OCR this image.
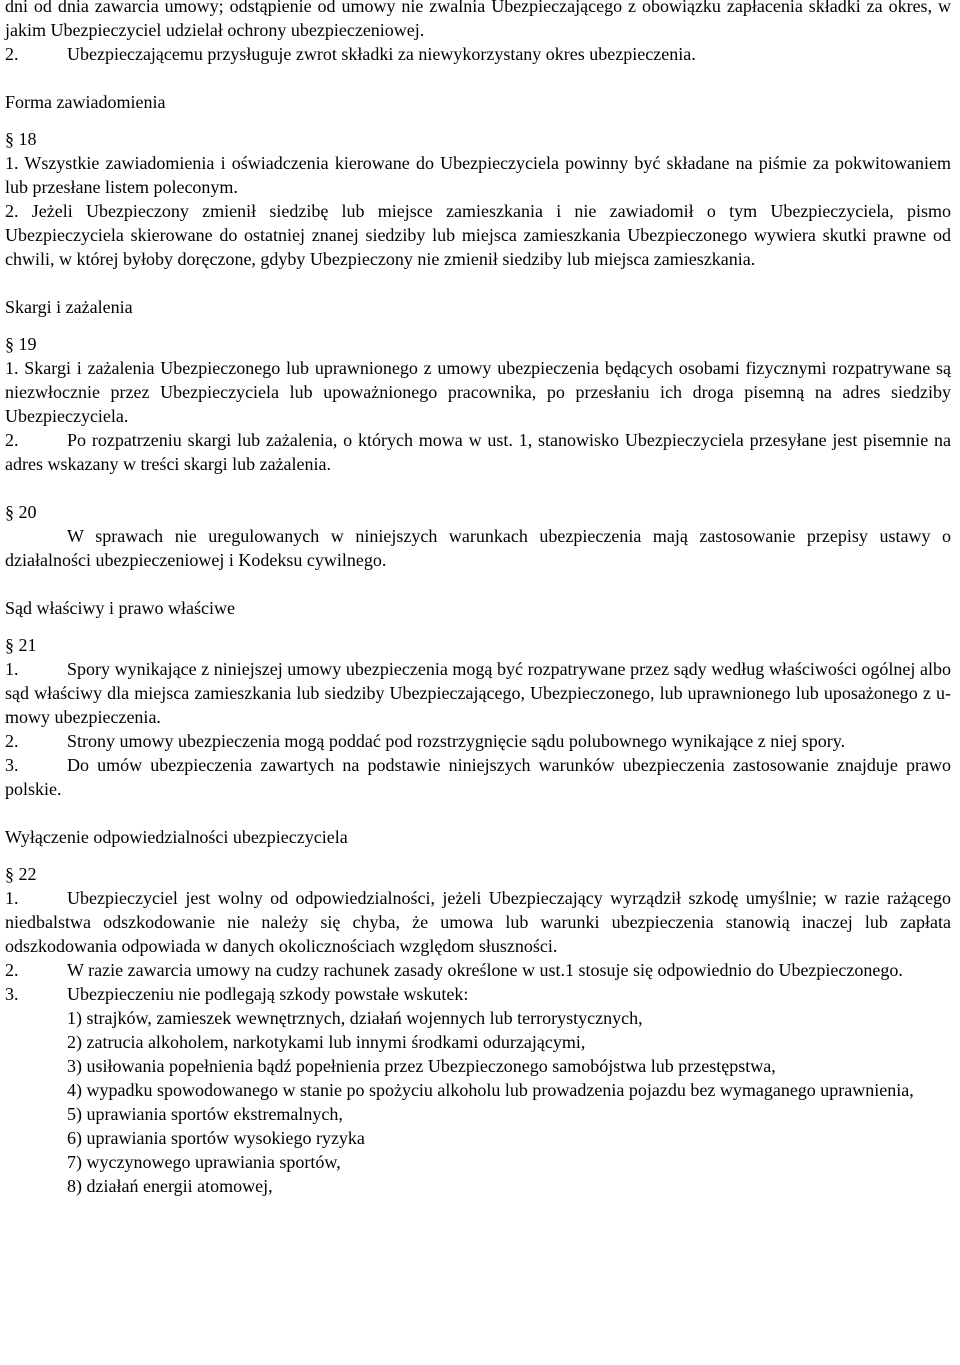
dni od dnia zawarcia umowy; odstąpienie od umowy nie zwalnia Ubezpieczającego z obowiązku zapłacenia składki za okres, w jakim Ubezpieczyciel udzielał ochrony ubezpieczeniowej.
2.	Ubezpieczającemu przysługuje zwrot składki za niewykorzystany okres ubezpieczenia.
Forma zawiadomienia
§ 18
1. Wszystkie zawiadomienia i oświadczenia kierowane do Ubezpieczyciela powinny być składane na piśmie za pokwitowaniem lub przesłane listem poleconym.
2. Jeżeli Ubezpieczony zmienił siedzibę lub miejsce zamieszkania i nie zawiadomił o tym Ubezpieczyciela, pismo Ubezpieczyciela skierowane do ostatniej znanej siedziby lub miejsca zamieszkania Ubezpieczonego wywiera skutki prawne od chwili, w której byłoby doręczone, gdyby Ubezpieczony nie zmienił siedziby lub miejsca zamieszkania.
Skargi i zażalenia
§ 19
1. Skargi i zażalenia Ubezpieczonego lub uprawnionego z umowy ubezpieczenia będących osobami fizycznymi rozpatrywane są niezwłocznie przez Ubezpieczyciela lub upoważnionego pracownika, po przesłaniu ich droga pisemną na adres siedziby Ubezpieczyciela.
2.	Po rozpatrzeniu skargi lub zażalenia, o których mowa w ust. 1, stanowisko Ubezpieczyciela przesyłane jest pisemnie na adres wskazany w treści skargi lub zażalenia.
§ 20
W sprawach nie uregulowanych w niniejszych warunkach ubezpieczenia mają zastosowanie przepisy ustawy o działalności ubezpieczeniowej i Kodeksu cywilnego.
Sąd właściwy i prawo właściwe
§ 21
1.	Spory wynikające z niniejszej umowy ubezpieczenia mogą być rozpatrywane przez sądy według właściwości ogólnej albo sąd właściwy dla miejsca zamieszkania lub siedziby Ubezpieczającego, Ubezpieczonego, lub uprawnionego lub uposażonego z u-mowy ubezpieczenia.
2.	Strony umowy ubezpieczenia mogą poddać pod rozstrzygnięcie sądu polubownego wynikające z niej spory.
3.	Do umów ubezpieczenia zawartych na podstawie niniejszych warunków ubezpieczenia zastosowanie znajduje prawo polskie.
Wyłączenie odpowiedzialności ubezpieczyciela
§ 22
1.	Ubezpieczyciel jest wolny od odpowiedzialności, jeżeli Ubezpieczający wyrządził szkodę umyślnie; w razie rażącego niedbalstwa odszkodowanie nie należy się chyba, że umowa lub warunki ubezpieczenia stanowią inaczej lub zapłata odszkodowania odpowiada w danych okolicznościach względom słuszności.
2.	W razie zawarcia umowy na cudzy rachunek zasady określone w ust.1 stosuje się odpowiednio do Ubezpieczonego.
3.	Ubezpieczeniu nie podlegają szkody powstałe wskutek:
1) strajków, zamieszek wewnętrznych, działań wojennych lub terrorystycznych,
2) zatrucia alkoholem, narkotykami lub innymi środkami odurzającymi,
3) usiłowania popełnienia bądź popełnienia przez Ubezpieczonego samobójstwa lub przestępstwa,
4) wypadku spowodowanego w stanie po spożyciu alkoholu lub prowadzenia pojazdu bez wymaganego uprawnienia,
5) uprawiania sportów ekstremalnych,
6) uprawiania sportów wysokiego ryzyka
7) wyczynowego uprawiania sportów,
8) działań energii atomowej,
